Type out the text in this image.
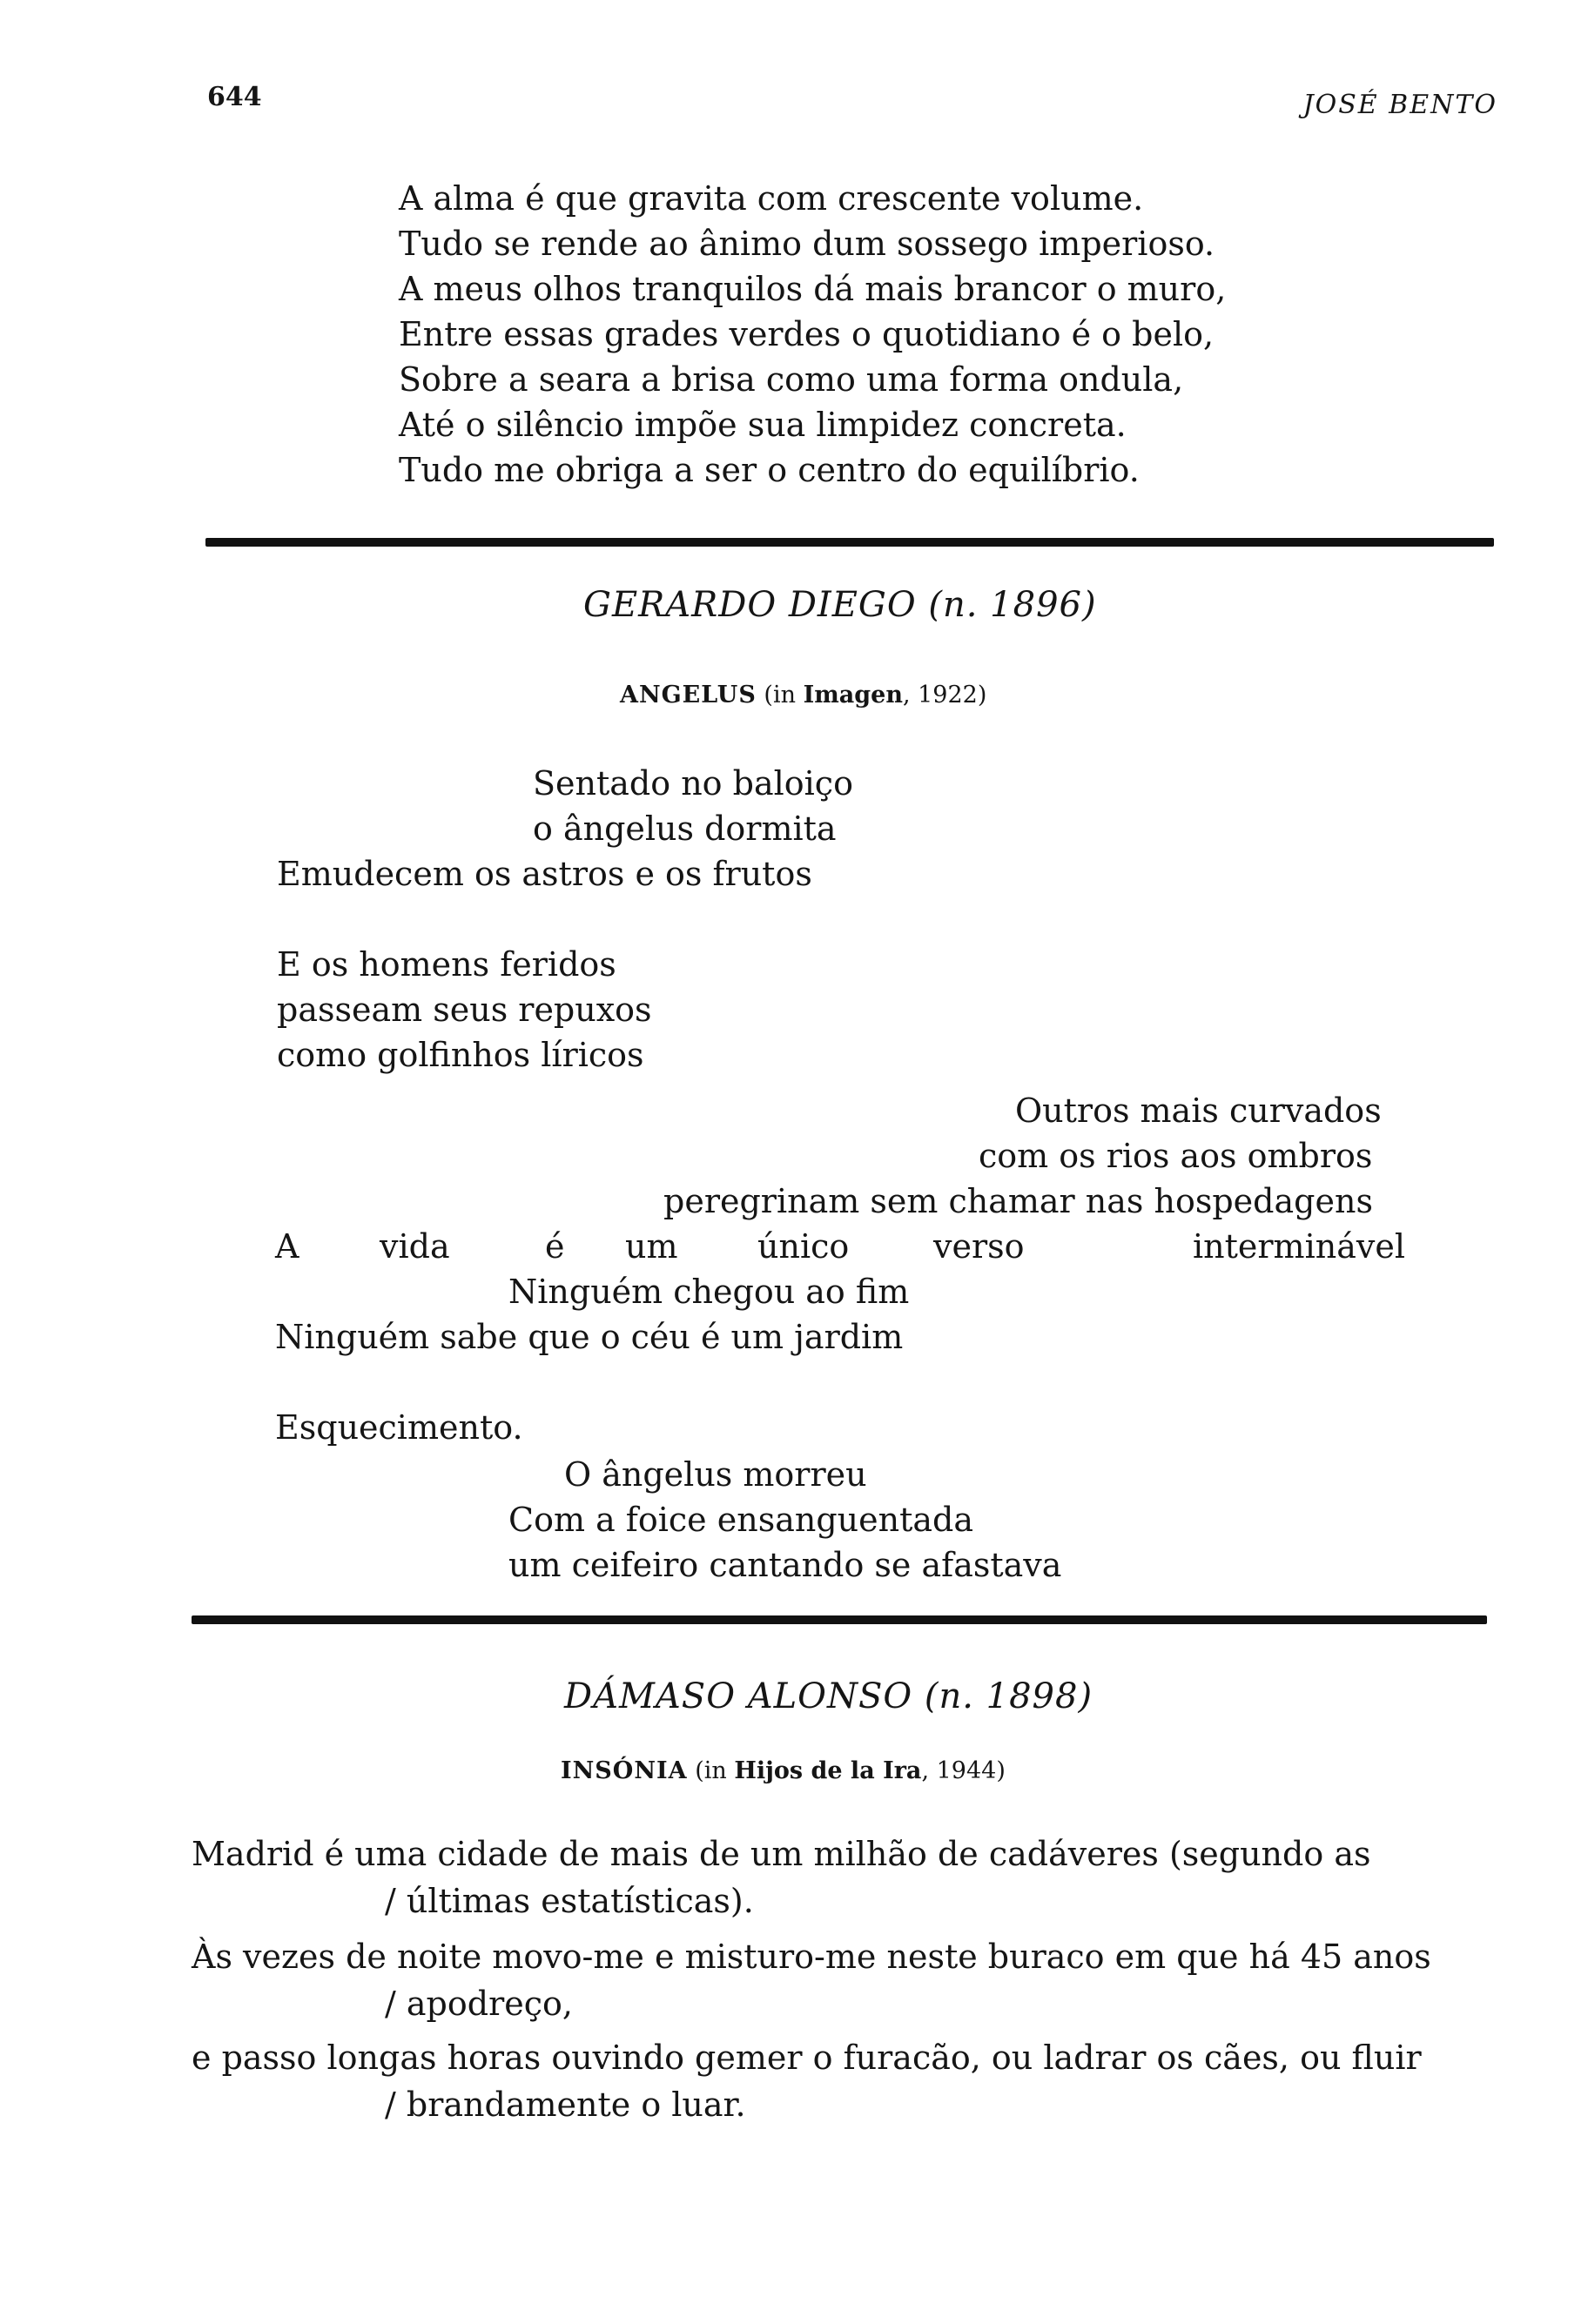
644	JOSÉ BENTO
A alma é que gravita com crescente volume.
Tudo se rende ao ânimo dum sossego imperioso.
A meus olhos tranquilos dá mais brancor o muro,
Entre essas grades verdes o quotidiano é o belo,
Sobre a seara a brisa como uma forma ondula,
Até o silêncio impõe sua limpidez concreta.
Tudo me obriga a ser o centro do equilíbrio.
GERARDO DIEGO (n. 1896)
ANGELUS (in Imagen, 1922)
Sentado no baloiço
o ângelus dormita
Emudecem os astros e os frutos
E os homens feridos
passeam seus repuxos
como golfinhos líricos
Outros mais curvados
com os rios aos ombros
peregrinam sem chamar nas hospedagens
A vida	é um único	verso	interminável
Ninguém chegou ao fim
Ninguém sabe que o céu é um jardim
Esquecimento.
O ângelus morreu
Com a foice ensanguentada
um ceifeiro cantando se afastava
DÁMASO ALONSO (n. 1898)
INSÓNIA (in Hijos de la Ira, 1944)
Madrid é uma cidade de mais de um milhão de cadáveres (segundo as
/ últimas estatísticas).
Às vezes de noite movo-me e misturo-me neste buraco em que há 45 anos
/ apodreço,
e passo longas horas ouvindo gemer o furacão, ou ladrar os cães, ou fluir
/ brandamente o luar.
